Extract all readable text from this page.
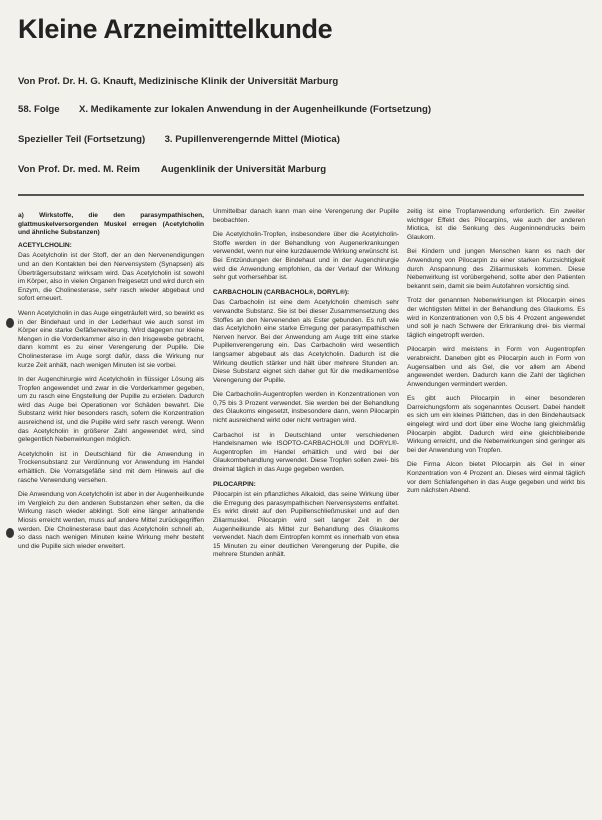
Kleine Arzneimittelkunde
Von Prof. Dr. H. G. Knauft, Medizinische Klinik der Universität Marburg
58. Folge X. Medikamente zur lokalen Anwendung in der Augenheilkunde (Fortsetzung)
Spezieller Teil (Fortsetzung) 3. Pupillenverengernde Mittel (Miotica)
Von Prof. Dr. med. M. Reim Augenklinik der Universität Marburg

a) Wirkstoffe, die den parasympathischen, glattmuskelversorgenden Muskel erregen (Acetylcholin und ähnliche Substanzen)

ACETYLCHOLIN:

Das Acetylcholin ist der Stoff, der an den Nervenendigungen und an den Kontakten bei den Nervensystem (Synapsen) als Überträgersubstanz wirksam wird. Das Acetylcholin ist sowohl im Körper, also in vielen Organen freigesetzt und wird durch ein Enzym, die Cholinesterase, sehr rasch wieder abgebaut und sofort erneuert.

Wenn Acetylcholin in das Auge eingeträufelt wird, so bewirkt es in der Bindehaut und in der Lederhaut wie auch sonst im Körper eine starke Gefäßerweiterung. Wird dagegen nur kleine Mengen in die Vorderkammer also in den Irisgewebe gebracht, dann kommt es zu einer Verengerung der Pupille. Die Cholinesterase im Auge sorgt dafür, dass die Wirkung nur kurze Zeit anhält, nach wenigen Minuten ist sie vorbei.

In der Augenchirurgie wird Acetylcholin in flüssiger Lösung als Tropfen angewendet und zwar in die Vorderkammer gegeben, um zu rasch eine Engstellung der Pupille zu erzielen. Dadurch wird das Auge bei Operationen vor Schäden bewahrt. Die Substanz wirkt hier besonders rasch, sofern die Konzentration ausreichend ist, und die Pupille wird sehr rasch verengt. Wenn das Acetylcholin in größerer Zahl angewendet wird, sind gelegentlich Nebenwirkungen möglich.

Acetylcholin ist in Deutschland für die Anwendung in Trockensubstanz zur Verdünnung vor Anwendung im Handel erhältlich. Die Vorratsgefäße sind mit dem Hinweis auf die rasche Verwendung versehen.

Die Anwendung von Acetylcholin ist aber in der Augenheilkunde im Vergleich zu den anderen Substanzen eher selten, da die Wirkung rasch wieder abklingt. Soll eine länger anhaltende Miosis erreicht werden, muss auf andere Mittel zurückgegriffen werden. Die Cholinesterase baut das Acetylcholin schnell ab, so dass nach wenigen Minuten keine Wirkung mehr besteht und die Pupille sich wieder erweitert.

Unmittelbar danach kann man eine Verengerung der Pupille beobachten.

Die Acetylcholin-Tropfen, insbesondere über die Acetylcholin-Stoffe werden in der Behandlung von Augenerkrankungen verwendet, wenn nur eine kurzdauernde Wirkung erwünscht ist. Bei Entzündungen der Bindehaut und in der Augenchirurgie wird die Anwendung empfohlen, da der Verlauf der Wirkung sehr gut vorhersehbar ist.

CARBACHOLIN (CARBACHOL®, DORYL®):

Das Carbacholin ist eine dem Acetylcholin chemisch sehr verwandte Substanz. Sie ist bei dieser Zusammensetzung des Stoffes an den Nervenenden als Ester gebunden. Es ruft wie das Acetylcholin eine starke Erregung der parasympathischen Nerven hervor. Bei der Anwendung am Auge tritt eine starke Pupillenverengerung ein. Das Carbacholin wird wesentlich langsamer abgebaut als das Acetylcholin. Dadurch ist die Wirkung deutlich stärker und hält über mehrere Stunden an. Diese Substanz eignet sich daher gut für die medikamentöse Verengerung der Pupille.

Die Carbacholin-Augentropfen werden in Konzentrationen von 0,75 bis 3 Prozent verwendet. Sie werden bei der Behandlung des Glaukoms eingesetzt, insbesondere dann, wenn Pilocarpin nicht ausreichend wirkt oder nicht vertragen wird.

Carbachol ist in Deutschland unter verschiedenen Handelsnamen wie ISOPTO-CARBACHOL® und DORYL®-Augentropfen im Handel erhältlich und wird bei der Glaukombehandlung verwendet. Diese Tropfen sollen zwei- bis dreimal täglich in das Auge gegeben werden.

PILOCARPIN:

Pilocarpin ist ein pflanzliches Alkaloid, das seine Wirkung über die Erregung des parasympathischen Nervensystems entfaltet. Es wirkt direkt auf den Pupillenschließmuskel und auf den Ziliarmuskel. Pilocarpin wird seit langer Zeit in der Augenheilkunde als Mittel zur Behandlung des Glaukoms verwendet. Nach dem Eintropfen kommt es innerhalb von etwa 15 Minuten zu einer deutlichen Verengerung der Pupille, die mehrere Stunden anhält.

zeitig ist eine Tropfanwendung erforderlich. Ein zweiter wichtiger Effekt des Pilocarpins, wie auch der anderen Miotica, ist die Senkung des Augeninnendrucks beim Glaukom.

Bei Kindern und jungen Menschen kann es nach der Anwendung von Pilocarpin zu einer starken Kurzsichtigkeit durch Anspannung des Ziliarmuskels kommen. Diese Nebenwirkung ist vorübergehend, sollte aber den Patienten bekannt sein, damit sie beim Autofahren vorsichtig sind.

Trotz der genannten Nebenwirkungen ist Pilocarpin eines der wichtigsten Mittel in der Behandlung des Glaukoms. Es wird in Konzentrationen von 0,5 bis 4 Prozent angewendet und soll je nach Schwere der Erkrankung drei- bis viermal täglich eingetropft werden.

Pilocarpin wird meistens in Form von Augentropfen verabreicht. Daneben gibt es Pilocarpin auch in Form von Augensalben und als Gel, die vor allem am Abend angewendet werden. Dadurch kann die Zahl der täglichen Anwendungen vermindert werden.

Es gibt auch Pilocarpin in einer besonderen Darreichungsform als sogenanntes Ocusert. Dabei handelt es sich um ein kleines Plättchen, das in den Bindehautsack eingelegt wird und dort über eine Woche lang gleichmäßig Pilocarpin abgibt. Dadurch wird eine gleichbleibende Wirkung erreicht, und die Nebenwirkungen sind geringer als bei der Anwendung von Tropfen.

Die Firma Alcon bietet Pilocarpin als Gel in einer Konzentration von 4 Prozent an. Dieses wird einmal täglich vor dem Schlafengehen in das Auge gegeben und wirkt bis zum nächsten Abend.
